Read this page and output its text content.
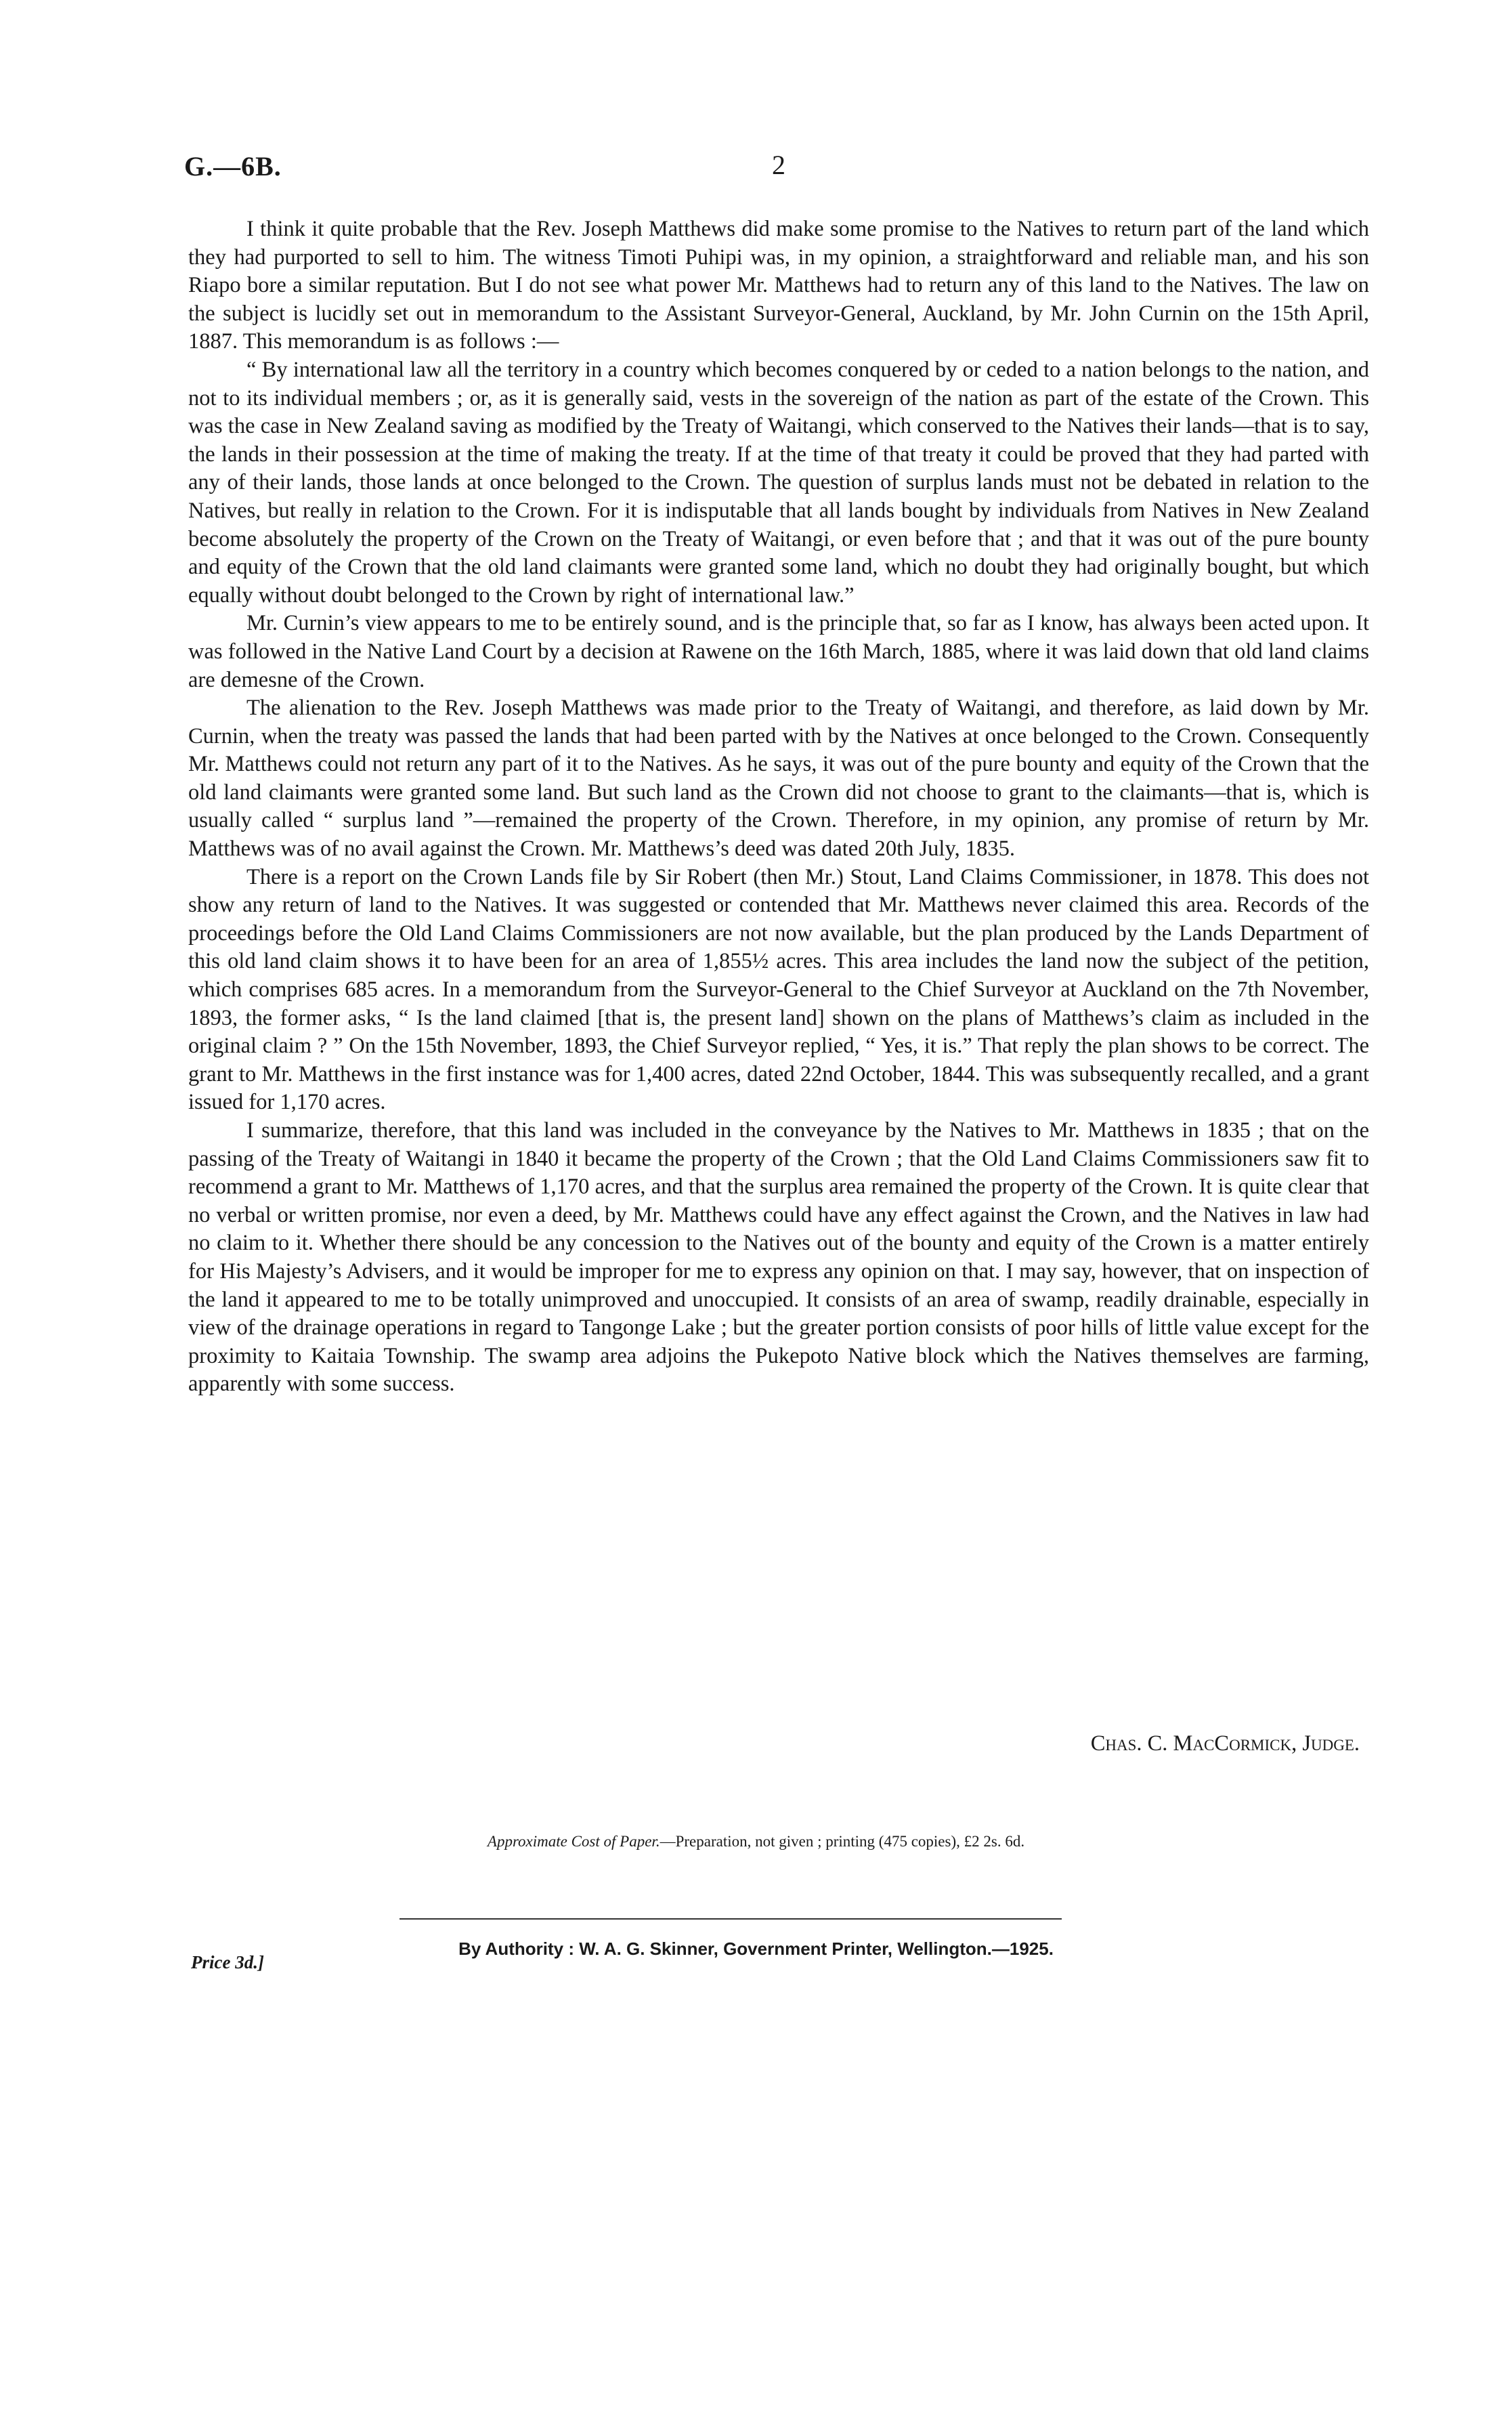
G.—6B.	2

I think it quite probable that the Rev. Joseph Matthews did make some promise to the Natives to return part of the land which they had purported to sell to him. The witness Timoti Puhipi was, in my opinion, a straightforward and reliable man, and his son Riapo bore a similar reputation. But I do not see what power Mr. Matthews had to return any of this land to the Natives. The law on the subject is lucidly set out in memorandum to the Assistant Surveyor-General, Auckland, by Mr. John Curnin on the 15th April, 1887. This memorandum is as follows :—

“ By international law all the territory in a country which becomes conquered by or ceded to a nation belongs to the nation, and not to its individual members ; or, as it is generally said, vests in the sovereign of the nation as part of the estate of the Crown. This was the case in New Zealand saving as modified by the Treaty of Waitangi, which conserved to the Natives their lands—that is to say, the lands in their possession at the time of making the treaty. If at the time of that treaty it could be proved that they had parted with any of their lands, those lands at once belonged to the Crown. The question of surplus lands must not be debated in relation to the Natives, but really in relation to the Crown. For it is indisputable that all lands bought by individuals from Natives in New Zealand become absolutely the property of the Crown on the Treaty of Waitangi, or even before that ; and that it was out of the pure bounty and equity of the Crown that the old land claimants were granted some land, which no doubt they had originally bought, but which equally without doubt belonged to the Crown by right of international law.”

Mr. Curnin’s view appears to me to be entirely sound, and is the principle that, so far as I know, has always been acted upon. It was followed in the Native Land Court by a decision at Rawene on the 16th March, 1885, where it was laid down that old land claims are demesne of the Crown.

The alienation to the Rev. Joseph Matthews was made prior to the Treaty of Waitangi, and therefore, as laid down by Mr. Curnin, when the treaty was passed the lands that had been parted with by the Natives at once belonged to the Crown. Consequently Mr. Matthews could not return any part of it to the Natives. As he says, it was out of the pure bounty and equity of the Crown that the old land claimants were granted some land. But such land as the Crown did not choose to grant to the claimants—that is, which is usually called “ surplus land ”—remained the property of the Crown. Therefore, in my opinion, any promise of return by Mr. Matthews was of no avail against the Crown. Mr. Matthews’s deed was dated 20th July, 1835.

There is a report on the Crown Lands file by Sir Robert (then Mr.) Stout, Land Claims Commissioner, in 1878. This does not show any return of land to the Natives. It was suggested or contended that Mr. Matthews never claimed this area. Records of the proceedings before the Old Land Claims Commissioners are not now available, but the plan produced by the Lands Department of this old land claim shows it to have been for an area of 1,855½ acres. This area includes the land now the subject of the petition, which comprises 685 acres. In a memorandum from the Surveyor-General to the Chief Surveyor at Auckland on the 7th November, 1893, the former asks, “ Is the land claimed [that is, the present land] shown on the plans of Matthews’s claim as included in the original claim ? ” On the 15th November, 1893, the Chief Surveyor replied, “ Yes, it is.” That reply the plan shows to be correct. The grant to Mr. Matthews in the first instance was for 1,400 acres, dated 22nd October, 1844. This was subsequently recalled, and a grant issued for 1,170 acres.

I summarize, therefore, that this land was included in the conveyance by the Natives to Mr. Matthews in 1835 ; that on the passing of the Treaty of Waitangi in 1840 it became the property of the Crown ; that the Old Land Claims Commissioners saw fit to recommend a grant to Mr. Matthews of 1,170 acres, and that the surplus area remained the property of the Crown. It is quite clear that no verbal or written promise, nor even a deed, by Mr. Matthews could have any effect against the Crown, and the Natives in law had no claim to it. Whether there should be any concession to the Natives out of the bounty and equity of the Crown is a matter entirely for His Majesty’s Advisers, and it would be improper for me to express any opinion on that. I may say, however, that on inspection of the land it appeared to me to be totally unimproved and unoccupied. It consists of an area of swamp, readily drainable, especially in view of the drainage operations in regard to Tangonge Lake ; but the greater portion consists of poor hills of little value except for the proximity to Kaitaia Township. The swamp area adjoins the Pukepoto Native block which the Natives themselves are farming, apparently with some success.

Chas. C. MacCormick, Judge.
Approximate Cost of Paper.—Preparation, not given ; printing (475 copies), £2 2s. 6d.
By Authority : W. A. G. Skinner, Government Printer, Wellington.—1925.
Price 3d.]
